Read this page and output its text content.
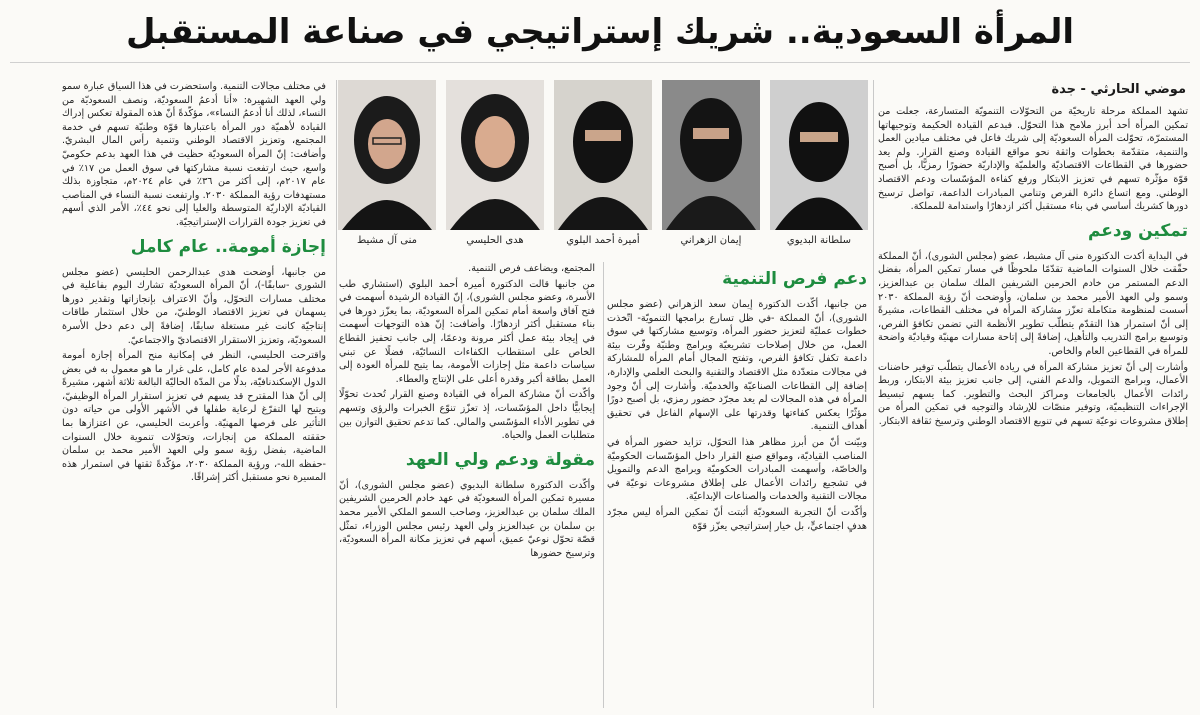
المرأة السعودية.. شريك إستراتيجي في صناعة المستقبل
موضي الحارثي - جدة
سلطانة البديوي
إيمان الزهراني
أميرة أحمد البلوي
هدى الحليسي
منى آل مشيط

تشهد المملكة مرحلة تاريخيّة من التحوّلات التنمويّة المتسارعة، جعلت من تمكين المرأة أحد أبرز ملامح هذا التحوّل. فبدعم القيادة الحكيمة وتوجيهاتها المستمرّة، تحوّلت المرأة السعوديّة إلى شريك فاعل في مختلف ميادين العمل والتنمية، متقدّمة بخطوات واثقة نحو مواقع القيادة وصنع القرار. ولم يعد حضورها في القطاعات الاقتصاديّة والعلميّة والإداريّة حضورًا رمزيًّا، بل أصبح قوّة مؤثّرة تسهم في تعزيز الابتكار ورفع كفاءة المؤسّسات ودعم الاقتصاد الوطني. ومع اتساع دائرة الفرص وتنامي المبادرات الداعمة، تواصل ترسيخ دورها كشريك أساسي في بناء مستقبل أكثر ازدهارًا واستدامة للمملكة.

تمكين ودعم

في البداية أكدت الدكتورة منى آل مشيط، عضو (مجلس الشورى)، أنّ المملكة حقّقت خلال السنوات الماضية تقدّمًا ملحوظًا في مسار تمكين المرأة، بفضل الدعم المستمر من خادم الحرمين الشريفين الملك سلمان بن عبدالعزيز، وسمو ولي العهد الأمير محمد بن سلمان، وأوضحت أنّ رؤية المملكة ٢٠٣٠ أسست لمنظومة متكاملة تعزّز مشاركة المرأة في مختلف القطاعات، مشيرةً إلى أنّ استمرار هذا التقدّم يتطلّب تطوير الأنظمة التي تضمن تكافؤ الفرص، وتوسيع برامج التدريب والتأهيل، إضافةً إلى إتاحة مسارات مهنيّة وقياديّة واضحة للمرأة في القطاعين العام والخاص.

وأشارت إلى أنّ تعزيز مشاركة المرأة في ريادة الأعمال يتطلّب توفير حاضنات الأعمال، وبرامج التمويل، والدعم الفني، إلى جانب تعزيز بيئة الابتكار، وربط رائدات الأعمال بالجامعات ومراكز البحث والتطوير. كما يسهم تبسيط الإجراءات التنظيميّة، وتوفير منصّات للإرشاد والتوجيه في تمكين المرأة من إطلاق مشروعات نوعيّة تسهم في تنويع الاقتصاد الوطني وترسيخ ثقافة الابتكار.

دعم فرص التنمية

من جانبها، أكّدت الدكتورة إيمان سعد الزهراني (عضو مجلس الشورى)، أنّ المملكة -في ظل تسارع برامجها التنمويّة- اتّخذت خطوات عمليّة لتعزيز حضور المرأة، وتوسيع مشاركتها في سوق العمل، من خلال إصلاحات تشريعيّة وبرامج وطنيّة وفّرت بيئة داعمة تكفل تكافؤ الفرص، وتفتح المجال أمام المرأة للمشاركة في مجالات متعدّدة مثل الاقتصاد والتقنية والبحث العلمي والإدارة، إضافة إلى القطاعات الصناعيّة والخدميّة. وأشارت إلى أنّ وجود المرأة في هذه المجالات لم يعد مجرّد حضور رمزي، بل أصبح دورًا مؤثّرًا يعكس كفاءتها وقدرتها على الإسهام الفاعل في تحقيق أهداف التنمية.

وبيّنت أنّ من أبرز مظاهر هذا التحوّل، تزايد حضور المرأة في المناصب القياديّة، ومواقع صنع القرار داخل المؤسّسات الحكوميّة والخاصّة، وأسهمت المبادرات الحكوميّة وبرامج الدعم والتمويل في تشجيع رائدات الأعمال على إطلاق مشروعات نوعيّة في مجالات التقنية والخدمات والصناعات الإبداعيّة.

وأكّدت أنّ التجربة السعوديّة أثبتت أنّ تمكين المرأة ليس مجرّد هدفٍ اجتماعيٍّ، بل خيار إستراتيجي يعزّز قوّة

المجتمع، ويضاعف فرص التنمية.

من جانبها قالت الدكتورة أميرة أحمد البلوي (استشاري طب الأسرة، وعضو مجلس الشورى)، إنّ القيادة الرشيدة أسهمت في فتح آفاق واسعة أمام تمكين المرأة السعوديّة، بما يعزّز دورها في بناء مستقبل أكثر ازدهارًا. وأضافت: إنّ هذه التوجهات أسهمت في إيجاد بيئة عمل أكثر مرونة ودعمًا، إلى جانب تحفيز القطاع الخاص على استقطاب الكفاءات النسائيّة، فضلًا عن تبني سياسات داعمة مثل إجازات الأمومة، بما يتيح للمرأة العودة إلى العمل بطاقة أكبر وقدرة أعلى على الإنتاج والعطاء.

وأكّدت أنّ مشاركة المرأة في القيادة وصنع القرار تُحدث تحوّلًا إيجابيًّا داخل المؤسّسات، إذ تعزّز تنوّع الخبرات والرؤى وتسهم في تطوير الأداء المؤسّسي والمالي. كما تدعم تحقيق التوازن بين متطلبات العمل والحياة.

مقولة ودعم ولي العهد

وأكّدت الدكتورة سلطانة البديوي (عضو مجلس الشورى)، أنّ مسيرة تمكين المرأة السعوديّة في عهد خادم الحرمين الشريفين الملك سلمان بن عبدالعزيز، وصاحب السمو الملكي الأمير محمد بن سلمان بن عبدالعزيز ولي العهد رئيس مجلس الوزراء، تمثّل قصّة تحوّل نوعيّ عميق، أسهم في تعزيز مكانة المرأة السعوديّة، وترسيخ حضورها

في مختلف مجالات التنمية. واستحضرت في هذا السياق عبارة سمو ولي العهد الشهيرة: «أنا أدعمُ السعوديّة، ونصف السعوديّة من النساء، لذلك أنا أدعمُ النساء»، مؤكّدةً أنّ هذه المقولة تعكس إدراك القيادة لأهميّة دور المرأة باعتبارها قوّة وطنيّة تسهم في خدمة المجتمع، وتعزيز الاقتصاد الوطني وتنمية رأس المال البشريّ. وأضافت: إنّ المرأة السعوديّة حظيت في هذا العهد بدعم حكوميّ واسع، حيث ارتفعت نسبة مشاركتها في سوق العمل من ١٧٪ في عام ٢٠١٧م، إلى أكثر من ٣٦٪ في عام ٢٠٢٤م، متجاوزة بذلك مستهدفات رؤية المملكة ٢٠٣٠. وارتفعت نسبة النساء في المناصب القياديّة الإداريّة المتوسطة والعليا إلى نحو ٤٤٪، الأمر الذي أسهم في تعزيز جودة القرارات الإستراتيجيّة.

إجازة أمومة.. عام كامل

من جانبها، أوضحت هدى عبدالرحمن الحليسي (عضو مجلس الشورى -سابقًا-)، أنّ المرأة السعوديّة تشارك اليوم بفاعلية في مختلف مسارات التحوّل، وأنّ الاعتراف بإنجازاتها وتقدير دورها يسهمان في تعزيز الاقتصاد الوطنيّ، من خلال استثمار طاقات إنتاجيّة كانت غير مستغلة سابقًا، إضافةً إلى دعم دخل الأسرة السعوديّة، وتعزيز الاستقرار الاقتصاديّ والاجتماعيّ.

واقترحت الحليسي، النظر في إمكانية منح المرأة إجازة أمومة مدفوعة الأجر لمدة عام كامل، على غرار ما هو معمول به في بعض الدول الإسكندنافيّة، بدلًا من المدّة الحاليّة البالغة ثلاثة أشهر، مشيرةً إلى أنّ هذا المقترح قد يسهم في تعزيز استقرار المرأة الوظيفيّ، ويتيح لها التفرّغ لرعاية طفلها في الأشهر الأولى من حياته دون التأثير على فرصها المهنيّة. وأعربت الحليسي، عن اعتزازها بما حققته المملكة من إنجازات، وتحوّلات تنموية خلال السنوات الماضية، بفضل رؤية سمو ولي العهد الأمير محمد بن سلمان -حفظه الله-، ورؤية المملكة ٢٠٣٠، مؤكّدةً ثقتها في استمرار هذه المسيرة نحو مستقبل أكثر إشراقًا.
